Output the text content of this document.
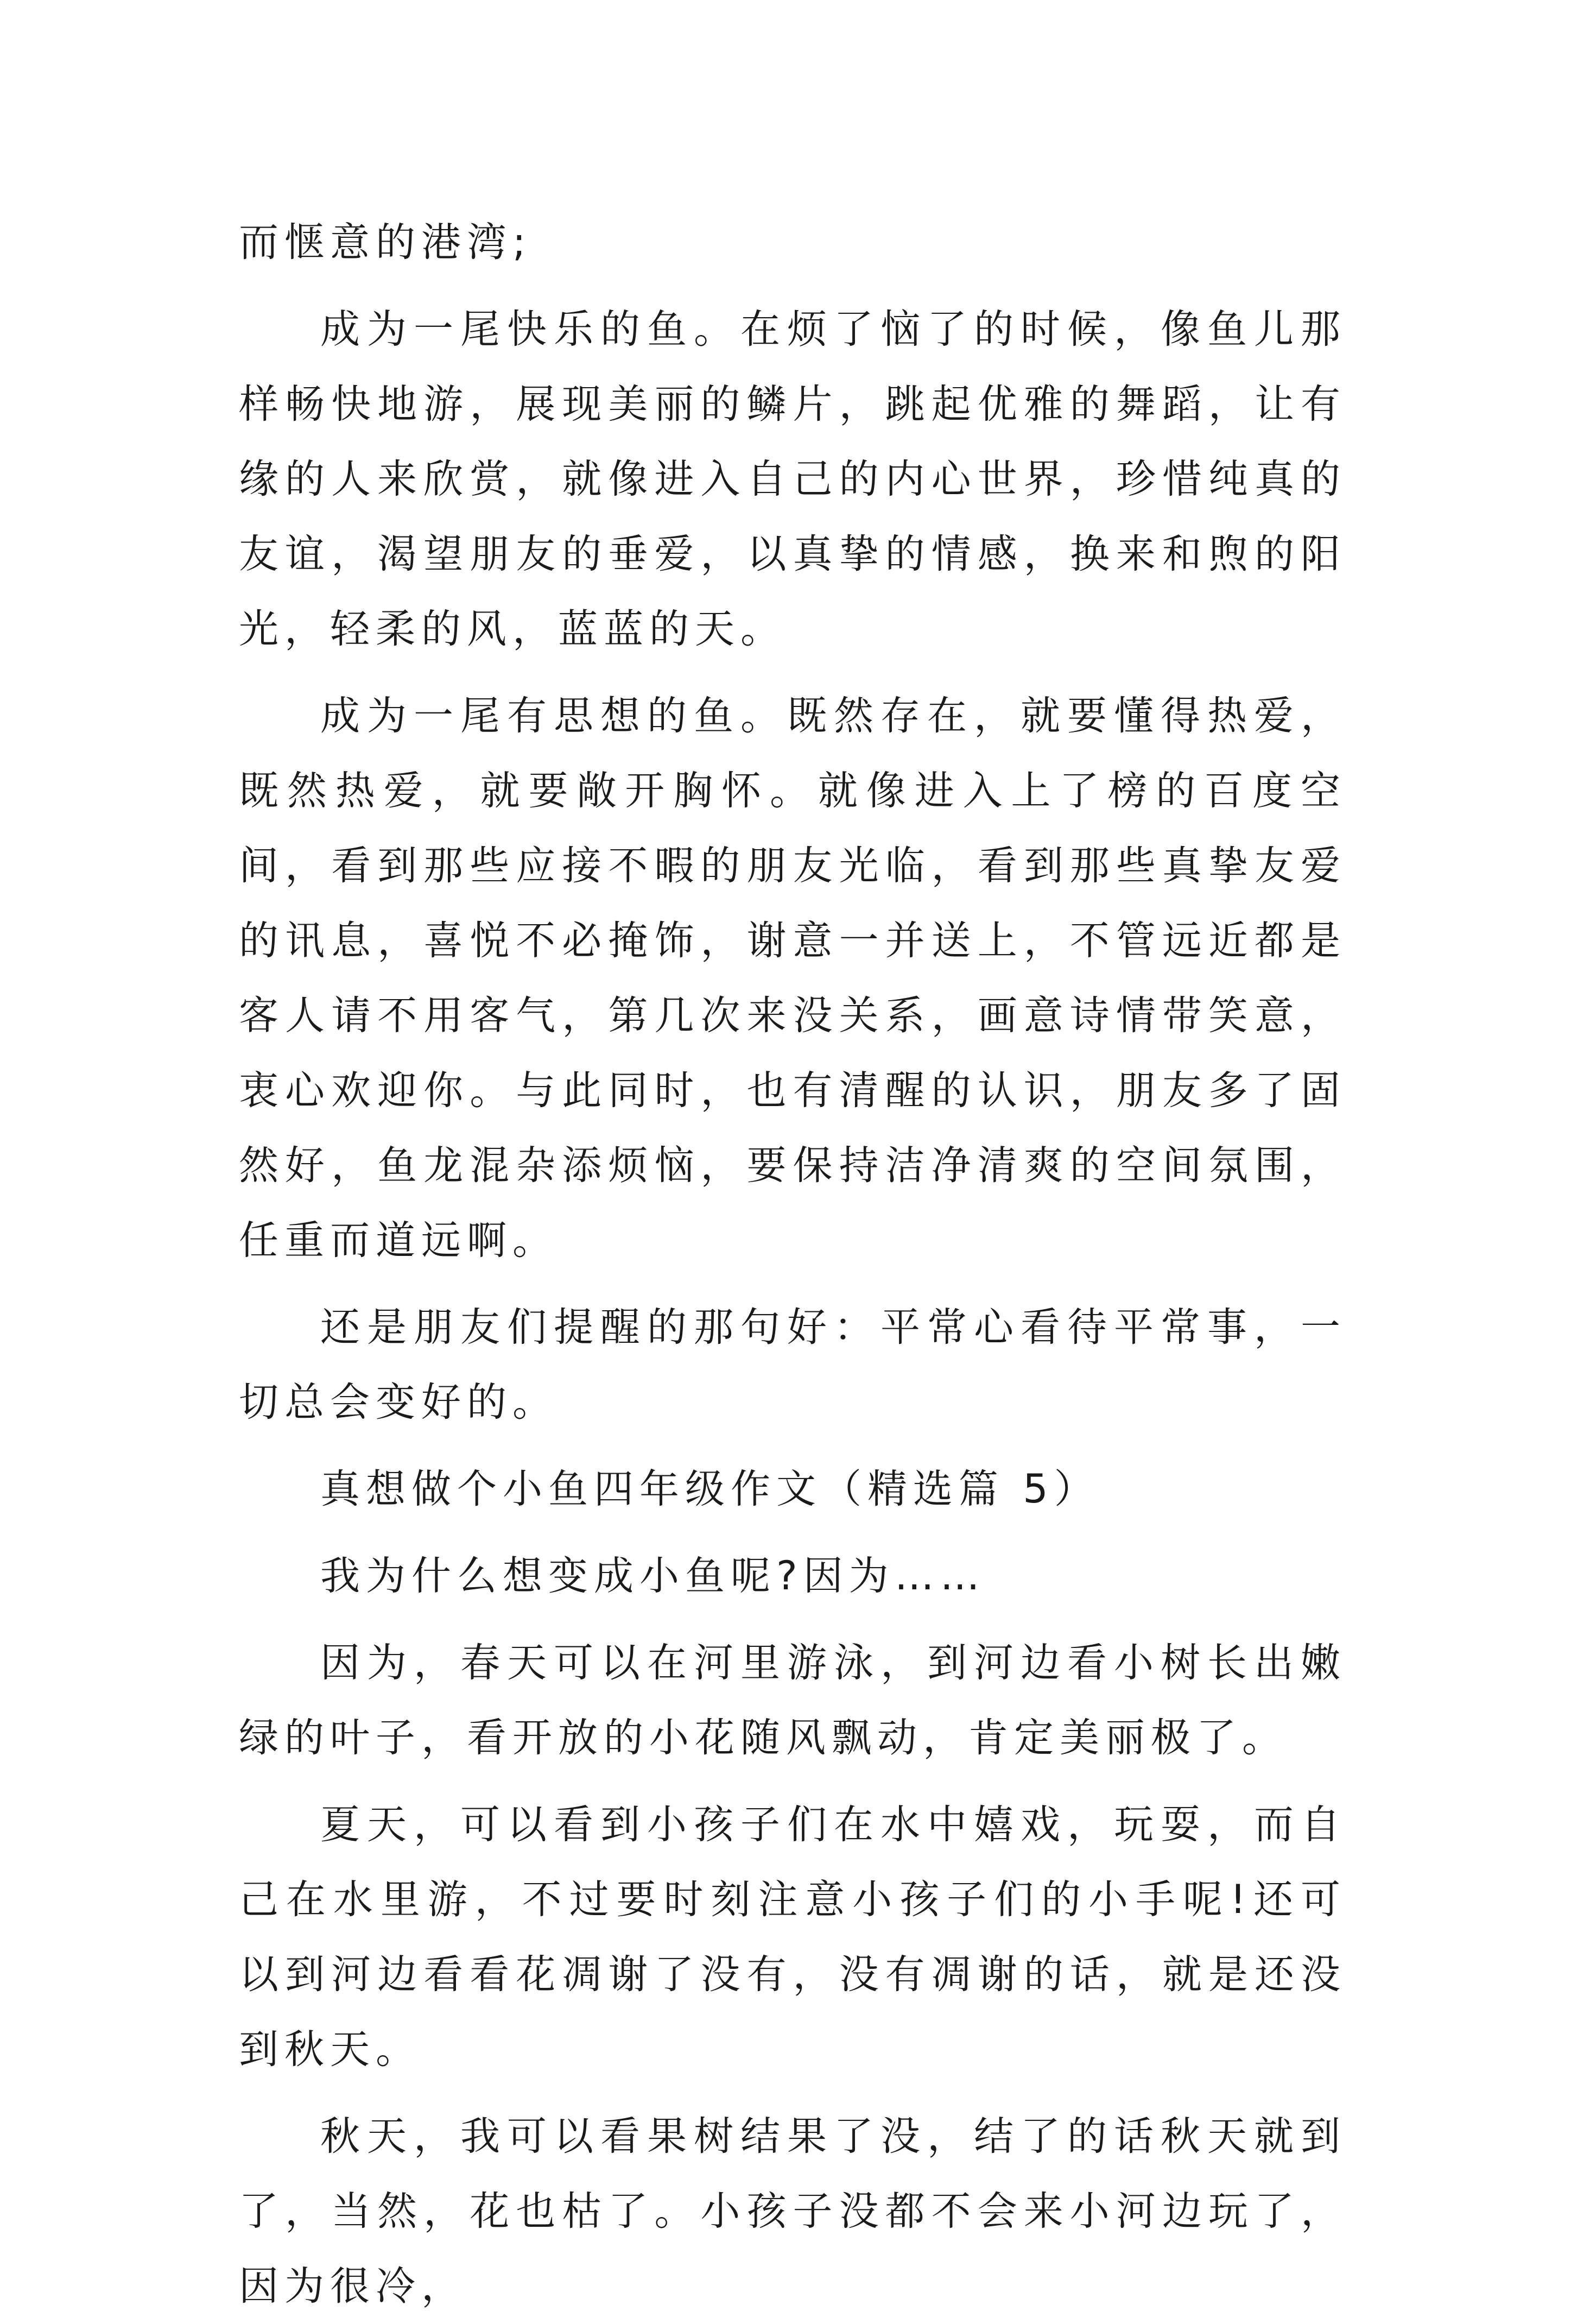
而惬意的港湾;

成为一尾快乐的鱼。在烦了恼了的时候，像鱼儿那样畅快地游，展现美丽的鳞片，跳起优雅的舞蹈，让有缘的人来欣赏，就像进入自己的内心世界，珍惜纯真的友谊，渴望朋友的垂爱，以真挚的情感，换来和煦的阳光，轻柔的风，蓝蓝的天。

成为一尾有思想的鱼。既然存在，就要懂得热爱，既然热爱，就要敞开胸怀。就像进入上了榜的百度空间，看到那些应接不暇的朋友光临，看到那些真挚友爱的讯息，喜悦不必掩饰，谢意一并送上，不管远近都是客人请不用客气，第几次来没关系，画意诗情带笑意，衷心欢迎你。与此同时，也有清醒的认识，朋友多了固然好，鱼龙混杂添烦恼，要保持洁净清爽的空间氛围，任重而道远啊。

还是朋友们提醒的那句好：平常心看待平常事，一切总会变好的。

真想做个小鱼四年级作文（精选篇 5）

我为什么想变成小鱼呢?因为……

因为，春天可以在河里游泳，到河边看小树长出嫩绿的叶子，看开放的小花随风飘动，肯定美丽极了。

夏天，可以看到小孩子们在水中嬉戏，玩耍，而自己在水里游，不过要时刻注意小孩子们的小手呢!还可以到河边看看花凋谢了没有，没有凋谢的话，就是还没到秋天。

秋天，我可以看果树结果了没，结了的话秋天就到了，当然，花也枯了。小孩子没都不会来小河边玩了，因为很冷，
